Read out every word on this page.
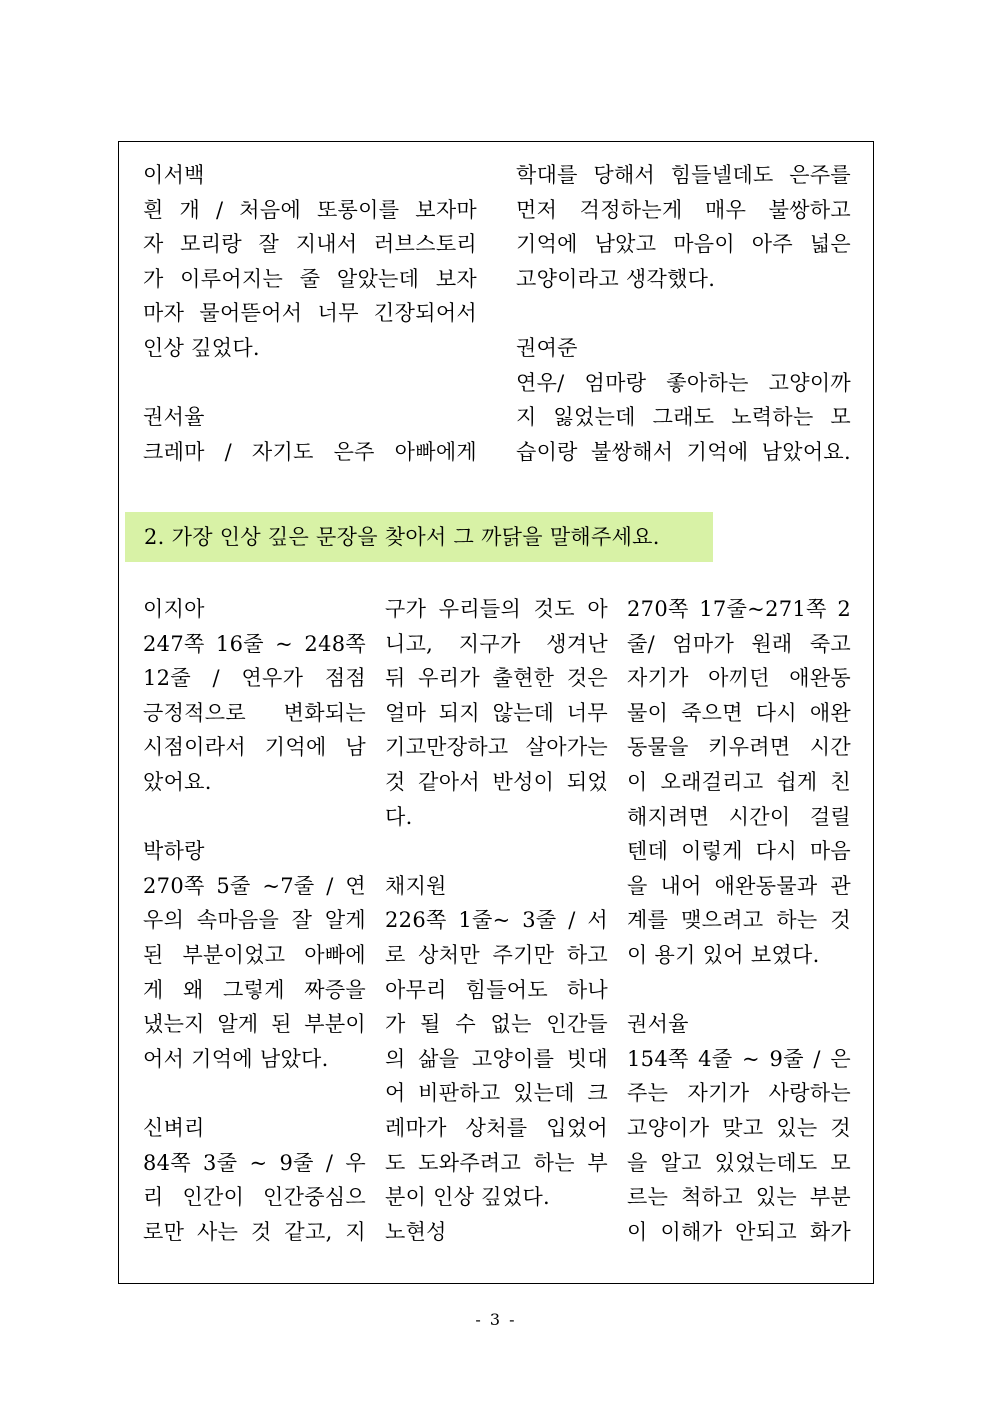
이서백
흰 개 / 처음에 또롱이를 보자마
자 모리랑 잘 지내서 러브스토리
가 이루어지는 줄 알았는데 보자
마자 물어뜯어서 너무 긴장되어서
인상 깊었다.
권서율
크레마 / 자기도 은주 아빠에게
학대를 당해서 힘들넬데도 은주를
먼저 걱정하는게 매우 불쌍하고
기억에 남았고 마음이 아주 넓은
고양이라고 생각했다.
권여준
연우/ 엄마랑 좋아하는 고양이까
지 잃었는데 그래도 노력하는 모
습이랑 불쌍해서 기억에 남았어요.
2. 가장 인상 깊은 문장을 찾아서 그 까닭을 말해주세요.
이지아
247쪽 16줄 ~ 248쪽
12줄 / 연우가 점점
긍정적으로 변화되는
시점이라서 기억에 남
았어요.
박하랑
270쪽 5줄 ~7줄 / 연
우의 속마음을 잘 알게
된 부분이었고 아빠에
게 왜 그렇게 짜증을
냈는지 알게 된 부분이
어서 기억에 남았다.
신벼리
84쪽 3줄 ~ 9줄 / 우
리 인간이 인간중심으
로만 사는 것 같고, 지
구가 우리들의 것도 아
니고, 지구가 생겨난
뒤 우리가 출현한 것은
얼마 되지 않는데 너무
기고만장하고 살아가는
것 같아서 반성이 되었
다.
채지원
226쪽 1줄~ 3줄 / 서
로 상처만 주기만 하고
아무리 힘들어도 하나
가 될 수 없는 인간들
의 삶을 고양이를 빗대
어 비판하고 있는데 크
레마가 상처를 입었어
도 도와주려고 하는 부
분이 인상 깊었다.
노현성
270쪽 17줄~271쪽 2
줄/ 엄마가 원래 죽고
자기가 아끼던 애완동
물이 죽으면 다시 애완
동물을 키우려면 시간
이 오래걸리고 쉽게 친
해지려면 시간이 걸릴
텐데 이렇게 다시 마음
을 내어 애완동물과 관
계를 맺으려고 하는 것
이 용기 있어 보였다.
권서율
154쪽 4줄 ~ 9줄 / 은
주는 자기가 사랑하는
고양이가 맞고 있는 것
을 알고 있었는데도 모
르는 척하고 있는 부분
이 이해가 안되고 화가
- 3 -
